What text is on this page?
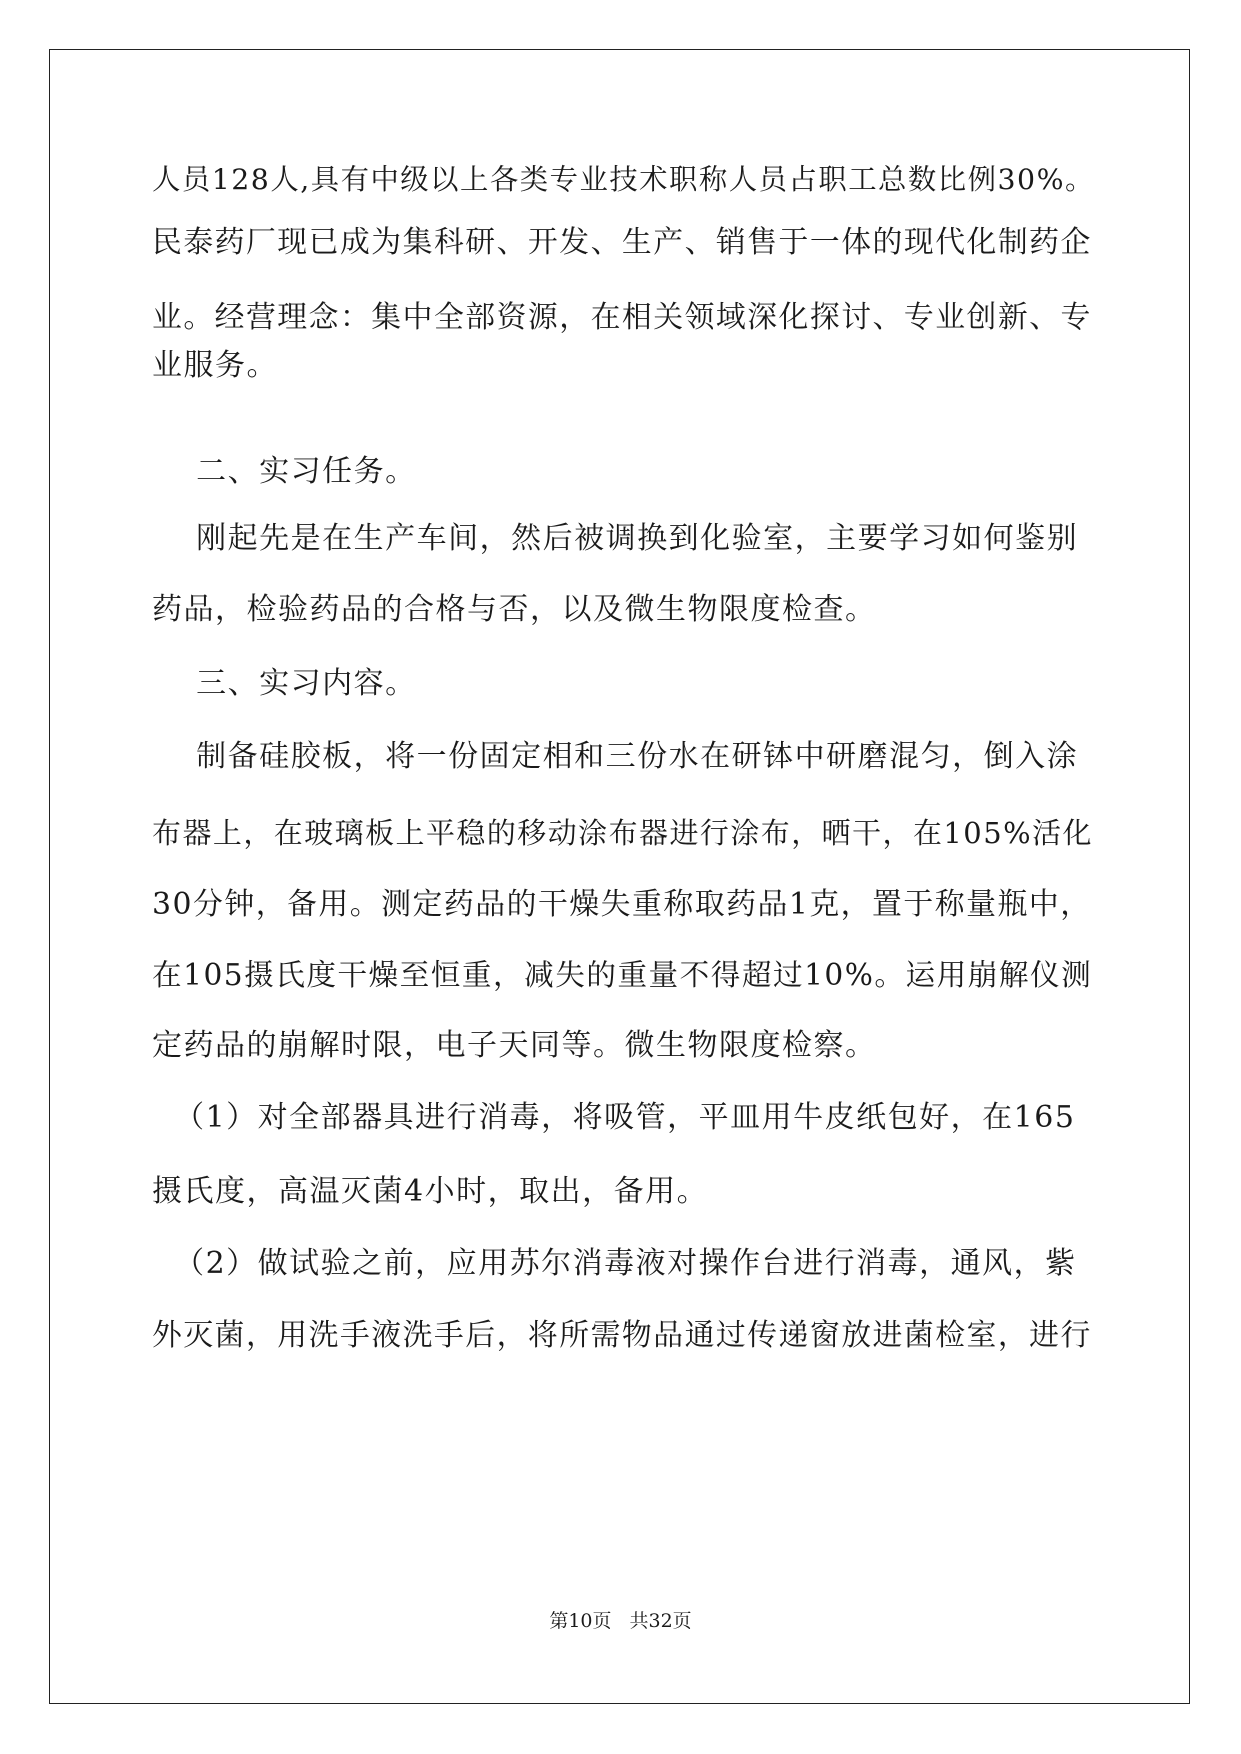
人员128人,具有中级以上各类专业技术职称人员占职工总数比例30%。
民泰药厂现已成为集科研、开发、生产、销售于一体的现代化制药企
业。经营理念：集中全部资源，在相关领域深化探讨、专业创新、专
业服务。
二、实习任务。
刚起先是在生产车间，然后被调换到化验室，主要学习如何鉴别
药品，检验药品的合格与否，以及微生物限度检查。
三、实习内容。
制备硅胶板，将一份固定相和三份水在研钵中研磨混匀，倒入涂
布器上，在玻璃板上平稳的移动涂布器进行涂布，晒干，在105%活化
30分钟，备用。测定药品的干燥失重称取药品1克，置于称量瓶中，
在105摄氏度干燥至恒重，减失的重量不得超过10%。运用崩解仪测
定药品的崩解时限，电子天同等。微生物限度检察。
（1）对全部器具进行消毒，将吸管，平皿用牛皮纸包好，在165
摄氏度，高温灭菌4小时，取出，备用。
（2）做试验之前，应用苏尔消毒液对操作台进行消毒，通风，紫
外灭菌，用洗手液洗手后，将所需物品通过传递窗放进菌检室，进行
第10页 共32页
